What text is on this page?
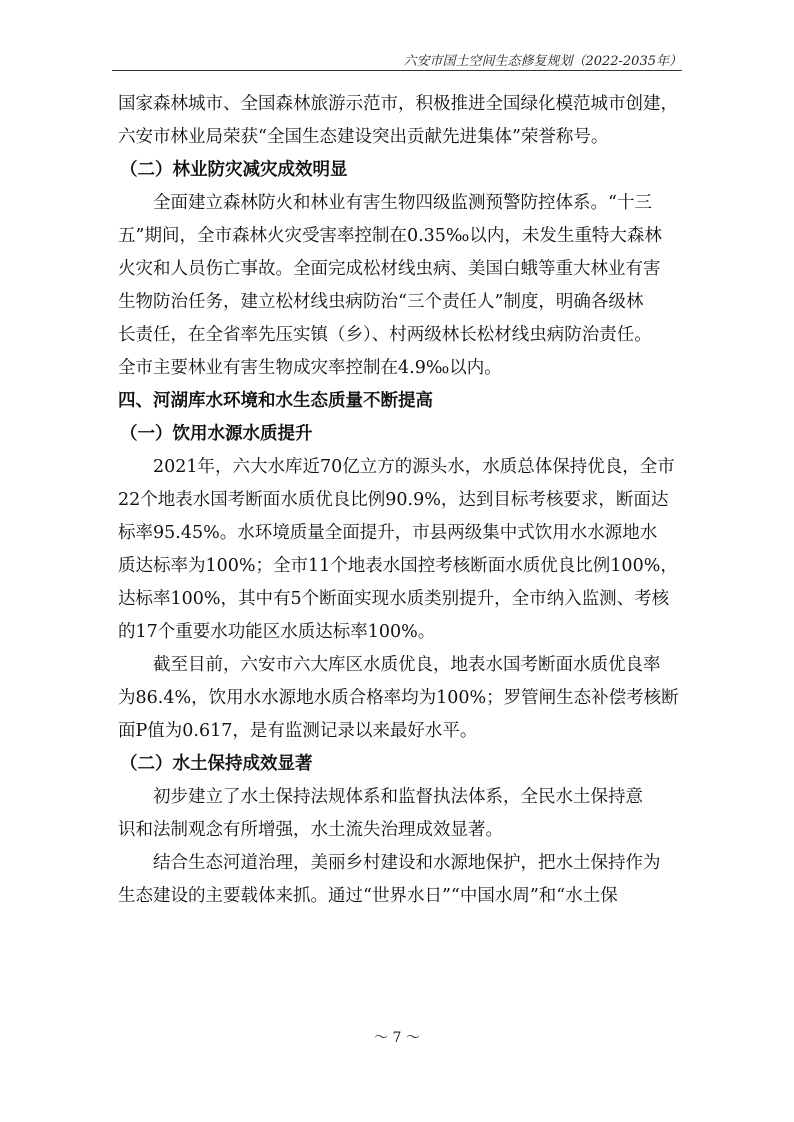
六安市国土空间生态修复规划（2022-2035年）
国家森林城市、全国森林旅游示范市，积极推进全国绿化模范城市创建，
六安市林业局荣获“全国生态建设突出贡献先进集体”荣誉称号。
（二）林业防灾减灾成效明显
全面建立森林防火和林业有害生物四级监测预警防控体系。“十三
五”期间，全市森林火灾受害率控制在0.35‰以内，未发生重特大森林
火灾和人员伤亡事故。全面完成松材线虫病、美国白蛾等重大林业有害
生物防治任务，建立松材线虫病防治“三个责任人”制度，明确各级林
长责任，在全省率先压实镇（乡）、村两级林长松材线虫病防治责任。
全市主要林业有害生物成灾率控制在4.9‰以内。
四、河湖库水环境和水生态质量不断提高
（一）饮用水源水质提升
2021年，六大水库近70亿立方的源头水，水质总体保持优良，全市
22个地表水国考断面水质优良比例90.9%，达到目标考核要求，断面达
标率95.45%。水环境质量全面提升，市县两级集中式饮用水水源地水
质达标率为100%；全市11个地表水国控考核断面水质优良比例100%，
达标率100%，其中有5个断面实现水质类别提升，全市纳入监测、考核
的17个重要水功能区水质达标率100%。
截至目前，六安市六大库区水质优良，地表水国考断面水质优良率
为86.4%，饮用水水源地水质合格率均为100%；罗管闸生态补偿考核断
面P值为0.617，是有监测记录以来最好水平。
（二）水土保持成效显著
初步建立了水土保持法规体系和监督执法体系，全民水土保持意
识和法制观念有所增强，水土流失治理成效显著。
结合生态河道治理，美丽乡村建设和水源地保护，把水土保持作为
生态建设的主要载体来抓。通过“世界水日”“中国水周”和“水土保
～ 7 ～
